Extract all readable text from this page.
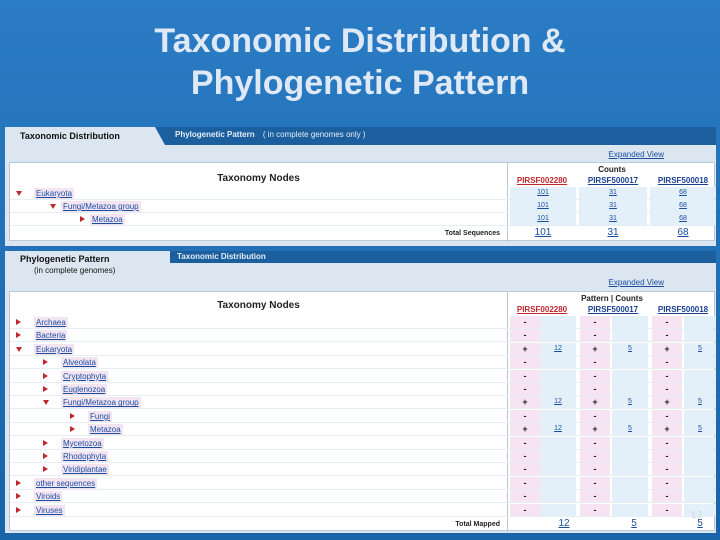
Taxonomic Distribution &
Phylogenetic Pattern
Taxonomic Distribution	Phylogenetic Pattern ( in complete genomes only )
Expanded View
Taxonomy Nodes
Counts
PIRSF002280	PIRSF500017	PIRSF500018
Eukaryota	101	31	68
Fungi/Metazoa group	101	31	68
Metazoa	101	31	68
Total Sequences	101	31	68
Phylogenetic Pattern
(in complete genomes)
Taxonomic Distribution
Expanded View
Taxonomy Nodes
Pattern | Counts
PIRSF002280	PIRSF500017	PIRSF500018
Archaea	-	-	-
Bacteria	-	-	-
Eukaryota	+	12	+	5	+	5
Alveolata	-	-	-
Cryptophyta	-	-	-
Euglenozoa	-	-	-
Fungi/Metazoa group	+	12	+	5	+	5
Fungi	-	-	-
Metazoa	+	12	+	5	+	5
Mycetozoa	-	-	-
Rhodophyta	-	-	-
Viridiplantae	-	-	-
other sequences	-	-	-
Viroids	-	-	-
Viruses	-	-	-
Total Mapped	12	5	5
13
